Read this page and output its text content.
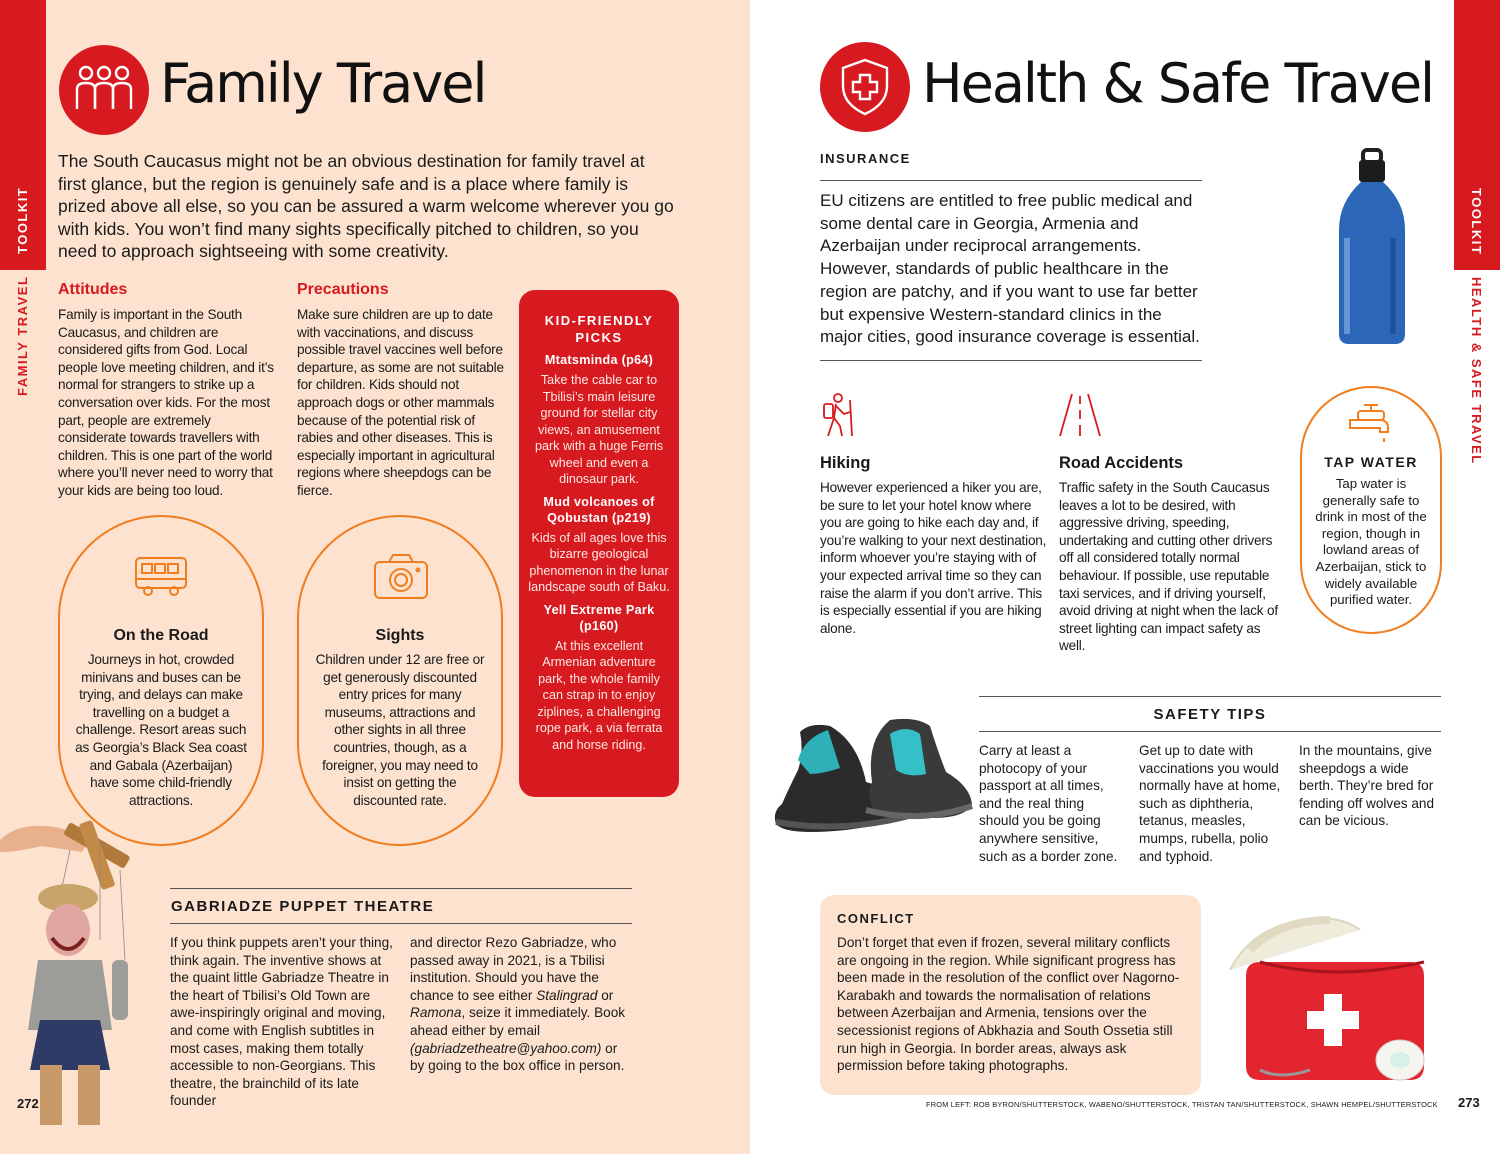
TOOLKIT
FAMILY TRAVEL
Family Travel
The South Caucasus might not be an obvious destination for family travel at first glance, but the region is genuinely safe and is a place where family is prized above all else, so you can be assured a warm welcome wherever you go with kids. You won’t find many sights specifically pitched to children, so you need to approach sightseeing with some creativity.
Attitudes
Family is important in the South Caucasus, and children are considered gifts from God. Local people love meeting children, and it’s normal for strangers to strike up a conversation over kids. For the most part, people are extremely considerate towards travellers with children. This is one part of the world where you’ll never need to worry that your kids are being too loud.
Precautions
Make sure children are up to date with vaccinations, and discuss possible travel vaccines well before departure, as some are not suitable for children. Kids should not approach dogs or other mammals because of the potential risk of rabies and other diseases. This is especially important in agricultural regions where sheepdogs can be fierce.
KID-FRIENDLY PICKS
Mtatsminda (p64)
Take the cable car to Tbilisi’s main leisure ground for stellar city views, an amusement park with a huge Ferris wheel and even a dinosaur park.
Mud volcanoes of Qobustan (p219)
Kids of all ages love this bizarre geological phenomenon in the lunar landscape south of Baku.
Yell Extreme Park (p160)
At this excellent Armenian adventure park, the whole family can strap in to enjoy ziplines, a challenging rope park, a via ferrata and horse riding.
On the Road
Journeys in hot, crowded minivans and buses can be trying, and delays can make travelling on a budget a challenge. Resort areas such as Georgia’s Black Sea coast and Gabala (Azerbaijan) have some child-friendly attractions.
Sights
Children under 12 are free or get generously discounted entry prices for many museums, attractions and other sights in all three countries, though, as a foreigner, you may need to insist on getting the discounted rate.
GABRIADZE PUPPET THEATRE
If you think puppets aren’t your thing, think again. The inventive shows at the quaint little Gabriadze Theatre in the heart of Tbilisi’s Old Town are awe-inspiringly original and moving, and come with English subtitles in most cases, making them totally accessible to non-Georgians. This theatre, the brainchild of its late founder
and director Rezo Gabriadze, who passed away in 2021, is a Tbilisi institution. Should you have the chance to see either Stalingrad or Ramona, seize it immediately. Book ahead either by email (gabriadzetheatre@yahoo.com) or by going to the box office in person.
272
TOOLKIT
HEALTH & SAFE TRAVEL
Health & Safe Travel
INSURANCE
EU citizens are entitled to free public medical and some dental care in Georgia, Armenia and Azerbaijan under reciprocal arrangements. However, standards of public healthcare in the region are patchy, and if you want to use far better but expensive Western-standard clinics in the major cities, good insurance coverage is essential.
Hiking
However experienced a hiker you are, be sure to let your hotel know where you are going to hike each day and, if you’re walking to your next destination, inform whoever you’re staying with of your expected arrival time so they can raise the alarm if you don’t arrive. This is especially essential if you are hiking alone.
Road Accidents
Traffic safety in the South Caucasus leaves a lot to be desired, with aggressive driving, speeding, undertaking and cutting other drivers off all considered totally normal behaviour. If possible, use reputable taxi services, and if driving yourself, avoid driving at night when the lack of street lighting can impact safety as well.
TAP WATER
Tap water is generally safe to drink in most of the region, though in lowland areas of Azerbaijan, stick to widely available purified water.
SAFETY TIPS
Carry at least a photocopy of your passport at all times, and the real thing should you be going anywhere sensitive, such as a border zone.
Get up to date with vaccinations you would normally have at home, such as diphtheria, tetanus, measles, mumps, rubella, polio and typhoid.
In the mountains, give sheepdogs a wide berth. They’re bred for fending off wolves and can be vicious.
CONFLICT
Don’t forget that even if frozen, several military conflicts are ongoing in the region. While significant progress has been made in the resolution of the conflict over Nagorno-Karabakh and towards the normalisation of relations between Azerbaijan and Armenia, tensions over the secessionist regions of Abkhazia and South Ossetia still run high in Georgia. In border areas, always ask permission before taking photographs.
FROM LEFT: ROB BYRON/SHUTTERSTOCK, WABENO/SHUTTERSTOCK, TRISTAN TAN/SHUTTERSTOCK, SHAWN HEMPEL/SHUTTERSTOCK 273
